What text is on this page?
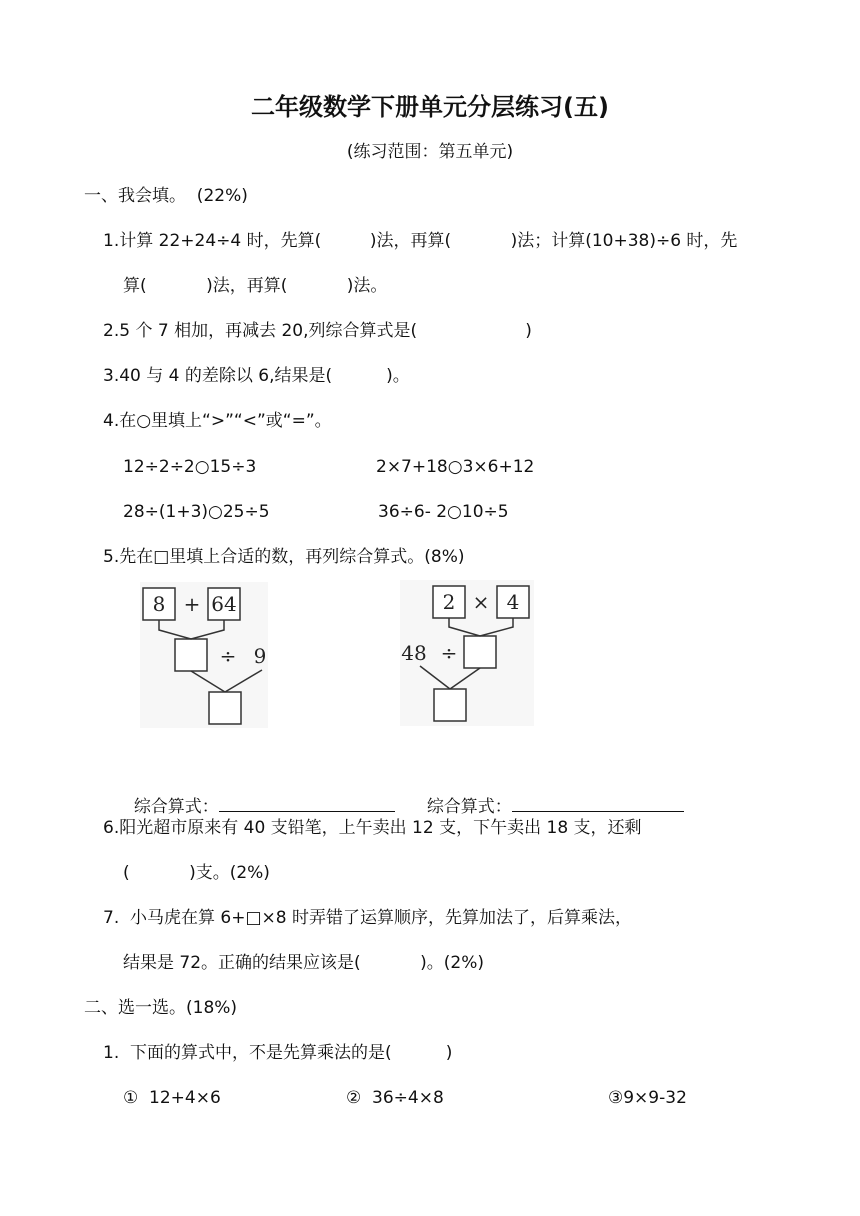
二年级数学下册单元分层练习(五)
(练习范围：第五单元)
一、我会填。  (22%)
1.计算 22+24÷4 时，先算(         )法，再算(           )法；计算(10+38)÷6 时，先
算(           )法，再算(           )法。
2.5 个 7 相加，再减去 20,列综合算式是(                    )
3.40 与 4 的差除以 6,结果是(          )。
4.在○里填上“>”“<”或“=”。
12÷2÷2○15÷3	2×7+18○3×6+12
28÷(1+3)○25÷5	36÷6- 2○10÷5
5.先在□里填上合适的数，再列综合算式。(8%)
8 + 64
÷ 9
2 × 4
48 ÷

综合算式：	综合算式：

6.阳光超市原来有 40 支铅笔，上午卖出 12 支，下午卖出 18 支，还剩
(           )支。(2%)
7.  小马虎在算 6+□×8 时弄错了运算顺序，先算加法了，后算乘法，
结果是 72。正确的结果应该是(           )。(2%)
二、选一选。(18%)
1.  下面的算式中，不是先算乘法的是(          )
①  12+4×6	②  36÷4×8	③9×9-32
